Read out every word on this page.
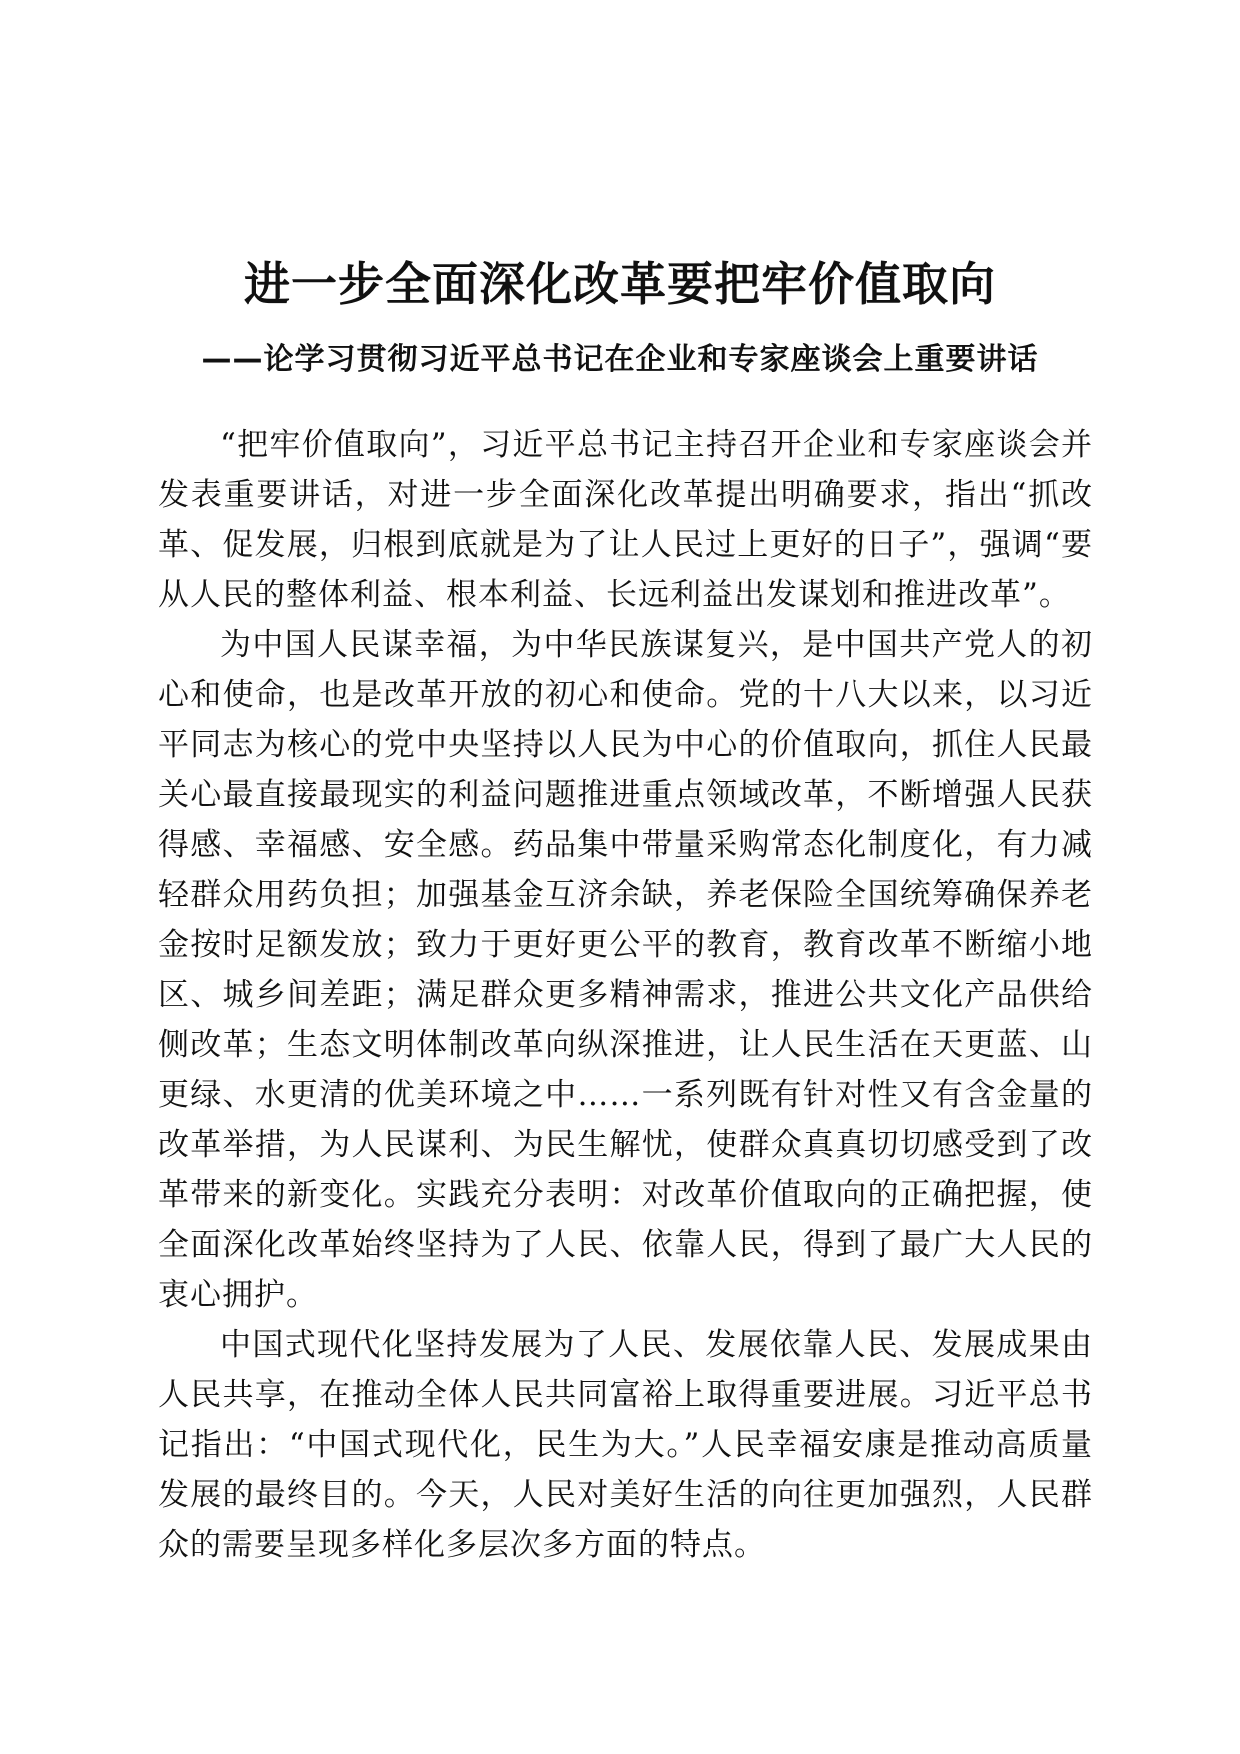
进一步全面深化改革要把牢价值取向
——论学习贯彻习近平总书记在企业和专家座谈会上重要讲话

“把牢价值取向”，习近平总书记主持召开企业和专家座谈会并发表重要讲话，对进一步全面深化改革提出明确要求，指出“抓改革、促发展，归根到底就是为了让人民过上更好的日子”，强调“要从人民的整体利益、根本利益、长远利益出发谋划和推进改革”。

为中国人民谋幸福，为中华民族谋复兴，是中国共产党人的初心和使命，也是改革开放的初心和使命。党的十八大以来，以习近平同志为核心的党中央坚持以人民为中心的价值取向，抓住人民最关心最直接最现实的利益问题推进重点领域改革，不断增强人民获得感、幸福感、安全感。药品集中带量采购常态化制度化，有力减轻群众用药负担；加强基金互济余缺，养老保险全国统筹确保养老金按时足额发放；致力于更好更公平的教育，教育改革不断缩小地区、城乡间差距；满足群众更多精神需求，推进公共文化产品供给侧改革；生态文明体制改革向纵深推进，让人民生活在天更蓝、山更绿、水更清的优美环境之中……一系列既有针对性又有含金量的改革举措，为人民谋利、为民生解忧，使群众真真切切感受到了改革带来的新变化。实践充分表明：对改革价值取向的正确把握，使全面深化改革始终坚持为了人民、依靠人民，得到了最广大人民的衷心拥护。

中国式现代化坚持发展为了人民、发展依靠人民、发展成果由人民共享，在推动全体人民共同富裕上取得重要进展。习近平总书记指出：“中国式现代化，民生为大。”人民幸福安康是推动高质量发展的最终目的。今天，人民对美好生活的向往更加强烈，人民群众的需要呈现多样化多层次多方面的特点。
